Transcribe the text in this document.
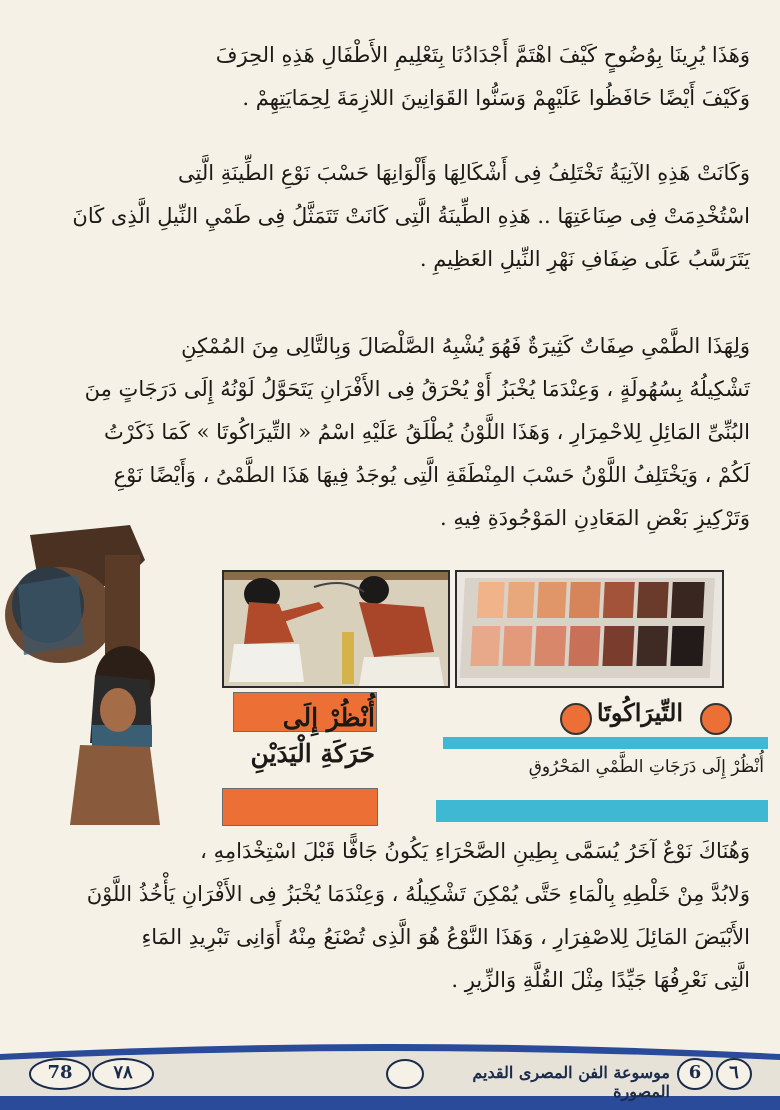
وَهَذَا يُرِينَا بِوُضُوحٍ كَيْفَ اهْتَمَّ أَجْدَادُنَا بِتَعْلِيمِ الأَطْفَالِ هَذِهِ الحِرَفَ
وَكَيْفَ أَيْضًا حَافَظُوا عَلَيْهِمْ وَسَنُّوا القَوَانِينَ اللازِمَةَ لِحِمَايَتِهِمْ .
وَكَانَتْ هَذِهِ الآنِيَةُ تَخْتَلِفُ فِى أَشْكَالِهَا وَأَلْوَانِهَا حَسْبَ نَوْعِ الطِّينَةِ الَّتِى
اسْتُخْدِمَتْ فِى صِنَاعَتِهَا .. هَذِهِ الطِّينَةُ الَّتِى كَانَتْ تَتَمَثَّلُ فِى طَمْيِ النِّيلِ الَّذِى كَانَ
يَتَرَسَّبُ عَلَى ضِفَافِ نَهْرِ النِّيلِ العَظِيمِ .
وَلِهَذَا الطَّمْىِ صِفَاتٌ كَثِيرَةٌ فَهُوَ يُشْبِهُ الصَّلْصَالَ وَبِالتَّالِى مِنَ المُمْكِنِ
تَشْكِيلُهُ بِسُهُولَةٍ ، وَعِنْدَمَا يُخْبَزُ أَوْ يُحْرَقُ فِى الأَفْرَانِ يَتَحَوَّلُ لَوْنُهُ إِلَى دَرَجَاتٍ مِنَ
البُنِّىِّ المَائِلِ لِلاحْمِرَارِ ، وَهَذَا اللَّوْنُ يُطْلَقُ عَلَيْهِ اسْمُ « التِّيرَاكُوتَا » كَمَا ذَكَرْتُ
لَكُمْ ، وَيَخْتَلِفُ اللَّوْنُ حَسْبَ المِنْطَقَةِ الَّتِى يُوجَدُ فِيهَا هَذَا الطَّمْىُ ، وَأَيْضًا نَوْعِ
وَتَرْكِيزِ بَعْضِ المَعَادِنِ المَوْجُودَةِ فِيهِ .
أُنْظُرْ إِلَى
حَرَكَةِ الْيَدَيْنِ
التِّيرَاكُوتَا
أُنْظُرْ إِلَى دَرَجَاتِ الطَّمْىِ المَحْرُوقِ
وَهُنَاكَ نَوْعٌ آخَرُ يُسَمَّى بِطِينِ الصَّحْرَاءِ يَكُونُ جَافًّا قَبْلَ اسْتِخْدَامِهِ ،
وَلابُدَّ مِنْ خَلْطِهِ بِالْمَاءِ حَتَّى يُمْكِنَ تَشْكِيلُهُ ، وَعِنْدَمَا يُخْبَزُ فِى الأَفْرَانِ يَأْخُذُ اللَّوْنَ
الأَبْيَضَ المَائِلَ لِلاصْفِرَارِ ، وَهَذَا النَّوْعُ هُوَ الَّذِى تُصْنَعُ مِنْهُ أَوَانِى تَبْرِيدِ المَاءِ
الَّتِى نَعْرِفُهَا جَيِّدًا مِثْلَ القُلَّةِ وَالزِّيرِ .
78	٧٨	موسوعة الفن المصرى القديم المصورة
6	٦
